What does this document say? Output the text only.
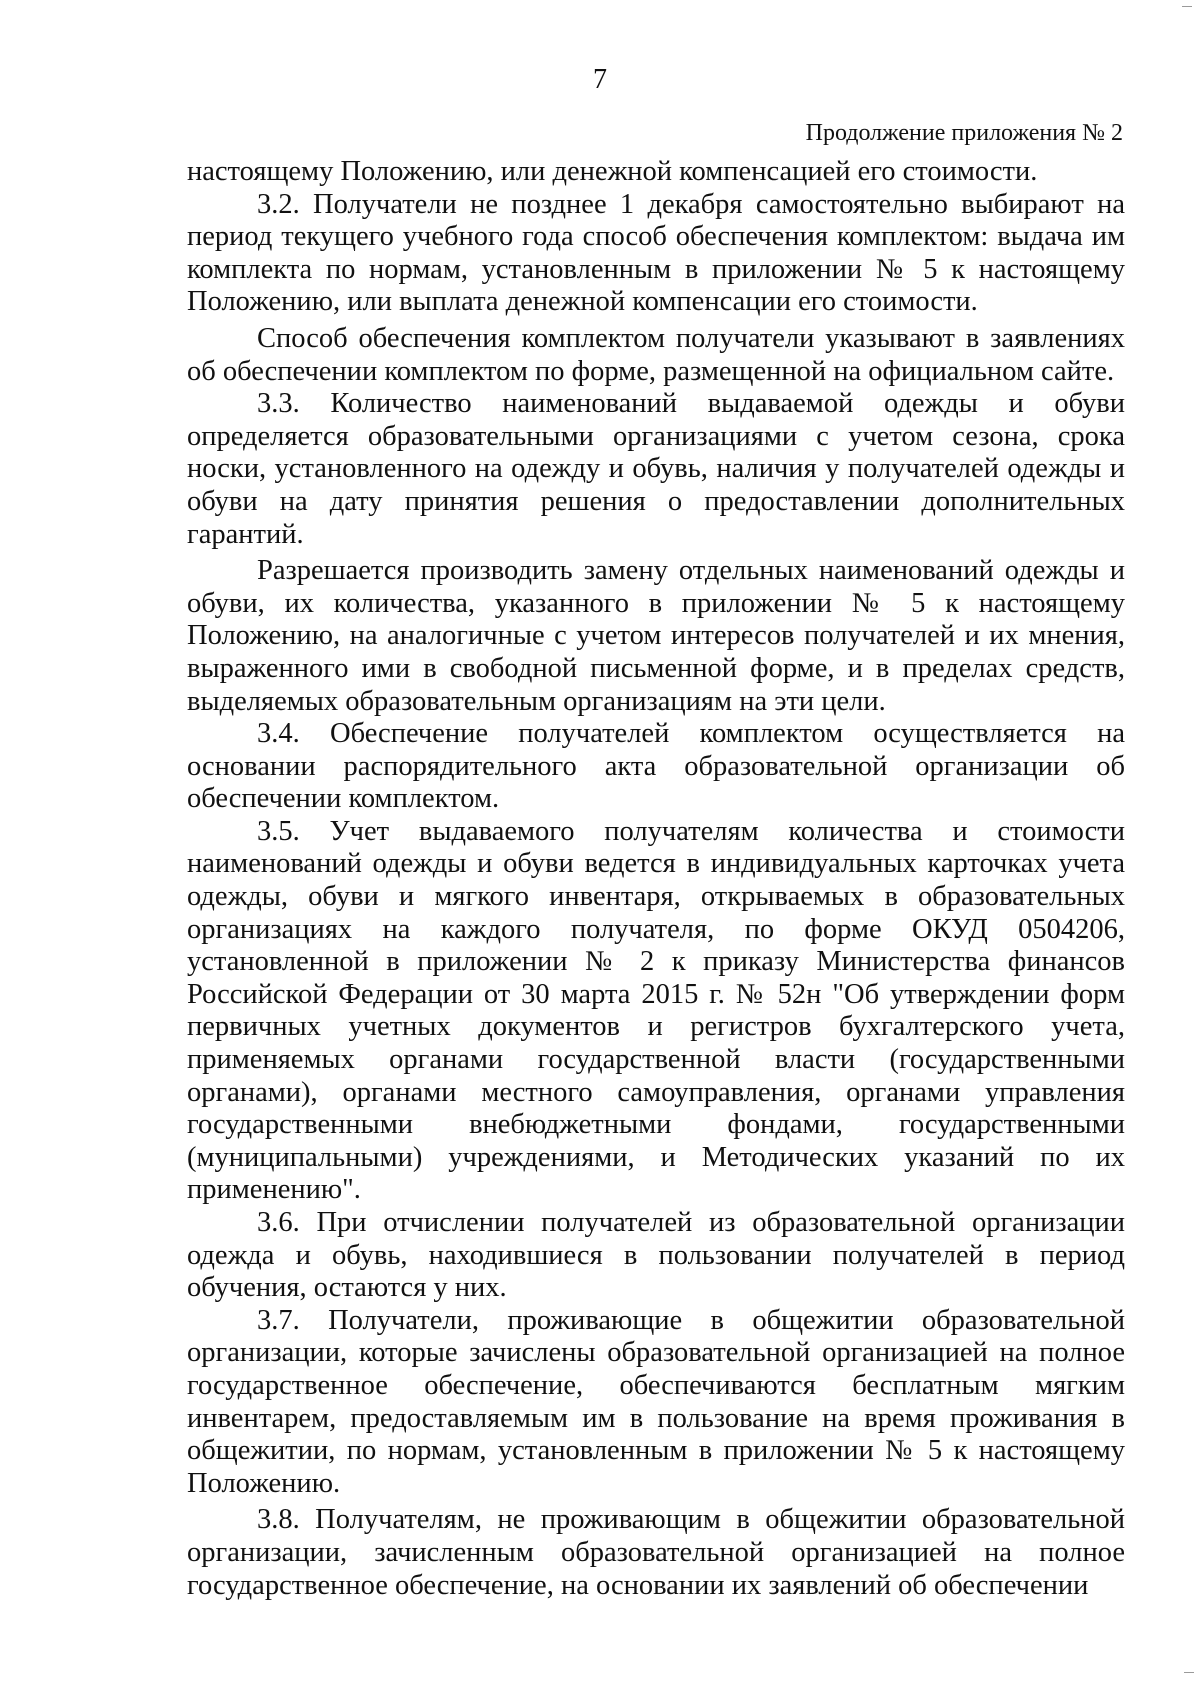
7
Продолжение приложения № 2

настоящему Положению, или денежной компенсацией его стоимости.

3.2. Получатели не позднее 1 декабря самостоятельно выбирают на период текущего учебного года способ обеспечения комплектом: выдача им комплекта по нормам, установленным в приложении № 5 к настоящему Положению, или выплата денежной компенсации его стоимости.

Способ обеспечения комплектом получатели указывают в заявлениях об обеспечении комплектом по форме, размещенной на официальном сайте.

3.3. Количество наименований выдаваемой одежды и обуви определяется образовательными организациями с учетом сезона, срока носки, установленного на одежду и обувь, наличия у получателей одежды и обуви на дату принятия решения о предоставлении дополнительных гарантий.

Разрешается производить замену отдельных наименований одежды и обуви, их количества, указанного в приложении № 5 к настоящему Положению, на аналогичные с учетом интересов получателей и их мнения, выраженного ими в свободной письменной форме, и в пределах средств, выделяемых образовательным организациям на эти цели.

3.4. Обеспечение получателей комплектом осуществляется на основании распорядительного акта образовательной организации об обеспечении комплектом.

3.5. Учет выдаваемого получателям количества и стоимости наименований одежды и обуви ведется в индивидуальных карточках учета одежды, обуви и мягкого инвентаря, открываемых в образовательных организациях на каждого получателя, по форме ОКУД 0504206, установленной в приложении № 2 к приказу Министерства финансов Российской Федерации от 30 марта 2015 г. № 52н "Об утверждении форм первичных учетных документов и регистров бухгалтерского учета, применяемых органами государственной власти (государственными органами), органами местного самоуправления, органами управления государственными внебюджетными фондами, государственными (муниципальными) учреждениями, и Методических указаний по их применению".

3.6. При отчислении получателей из образовательной организации одежда и обувь, находившиеся в пользовании получателей в период обучения, остаются у них.

3.7. Получатели, проживающие в общежитии образовательной организации, которые зачислены образовательной организацией на полное государственное обеспечение, обеспечиваются бесплатным мягким инвентарем, предоставляемым им в пользование на время проживания в общежитии, по нормам, установленным в приложении № 5 к настоящему Положению.

3.8. Получателям, не проживающим в общежитии образовательной организации, зачисленным образовательной организацией на полное государственное обеспечение, на основании их заявлений об обеспечении
